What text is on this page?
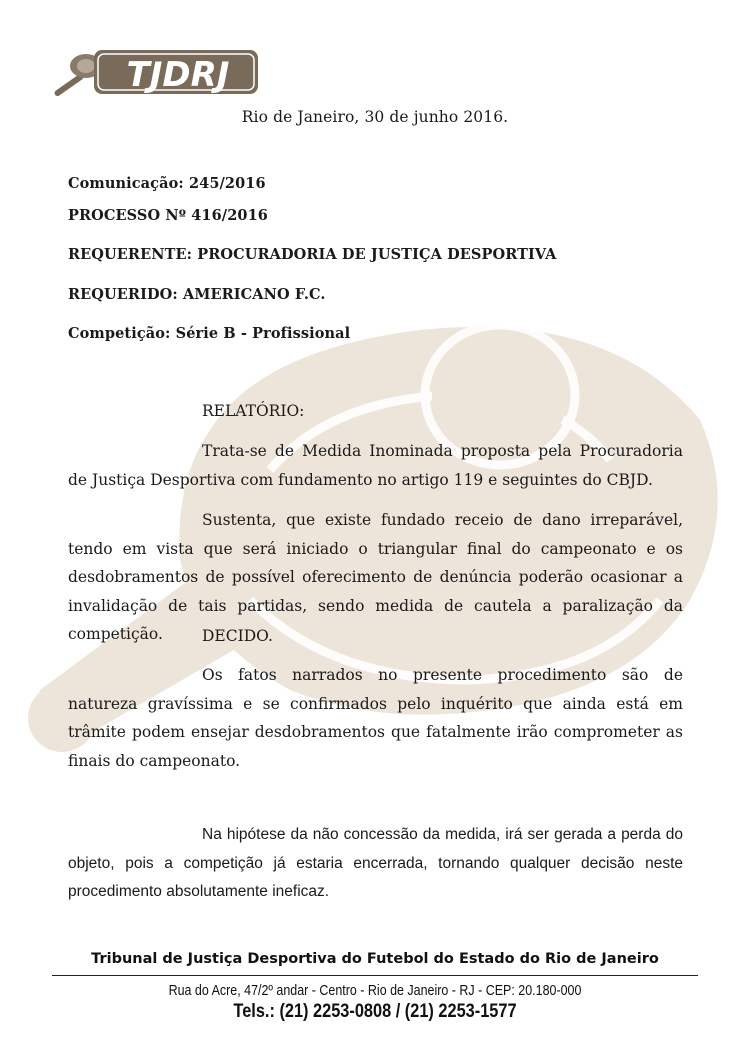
TJDRJ
Rio de Janeiro, 30 de junho 2016.
Comunicação: 245/2016
PROCESSO Nº 416/2016
REQUERENTE: PROCURADORIA DE JUSTIÇA DESPORTIVA
REQUERIDO: AMERICANO F.C.
Competição: Série B - Profissional
RELATÓRIO:

Trata-se de Medida Inominada proposta pela Procuradoria de Justiça Desportiva com fundamento no artigo 119 e seguintes do CBJD.

Sustenta, que existe fundado receio de dano irreparável, tendo em vista que será iniciado o triangular final do campeonato e os desdobramentos de possível oferecimento de denúncia poderão ocasionar a invalidação de tais partidas, sendo medida de cautela a paralização da competição.	DECIDO.

Os fatos narrados no presente procedimento são de natureza gravíssima e se confirmados pelo inquérito que ainda está em trâmite podem ensejar desdobramentos que fatalmente irão comprometer as finais do campeonato.

Na hipótese da não concessão da medida, irá ser gerada a perda do objeto, pois a competição já estaria encerrada, tornando qualquer decisão neste procedimento absolutamente ineficaz.

Tribunal de Justiça Desportiva do Futebol do Estado do Rio de Janeiro
Rua do Acre, 47/2º andar - Centro - Rio de Janeiro - RJ - CEP: 20.180-000
Tels.: (21) 2253-0808 / (21) 2253-1577
